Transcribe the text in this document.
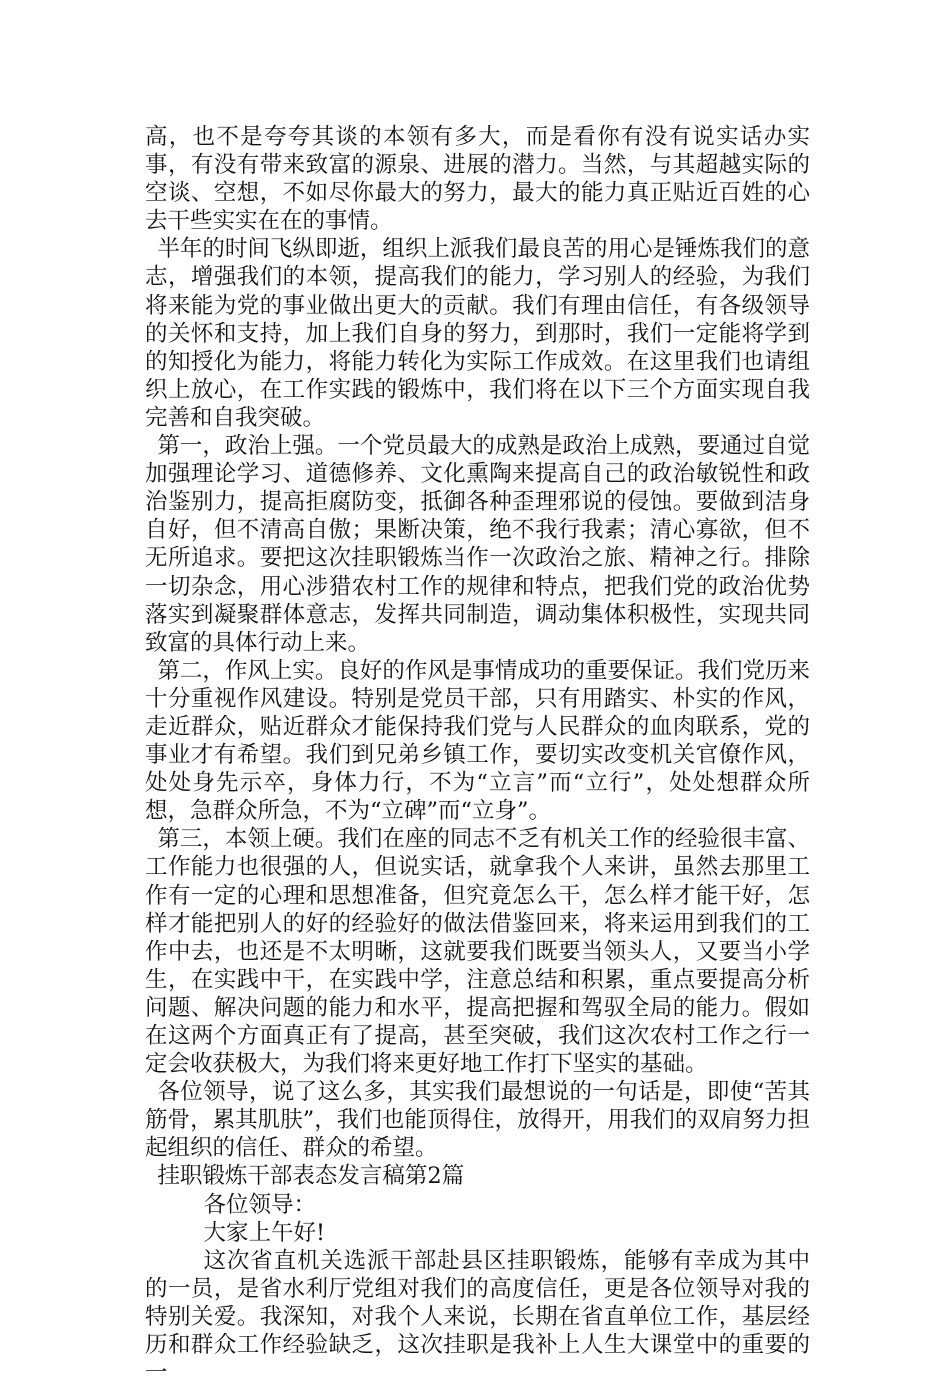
高，也不是夸夸其谈的本领有多大，而是看你有没有说实话办实事，有没有带来致富的源泉、进展的潜力。当然，与其超越实际的空谈、空想，不如尽你最大的努力，最大的能力真正贴近百姓的心去干些实实在在的事情。

半年的时间飞纵即逝，组织上派我们最良苦的用心是锤炼我们的意志，增强我们的本领，提高我们的能力，学习别人的经验，为我们将来能为党的事业做出更大的贡献。我们有理由信任，有各级领导的关怀和支持，加上我们自身的努力，到那时，我们一定能将学到的知授化为能力，将能力转化为实际工作成效。在这里我们也请组织上放心，在工作实践的锻炼中，我们将在以下三个方面实现自我完善和自我突破。

第一，政治上强。一个党员最大的成熟是政治上成熟，要通过自觉加强理论学习、道德修养、文化熏陶来提高自己的政治敏锐性和政治鉴别力，提高拒腐防变，抵御各种歪理邪说的侵蚀。要做到洁身自好，但不清高自傲；果断决策，绝不我行我素；清心寡欲，但不无所追求。要把这次挂职锻炼当作一次政治之旅、精神之行。排除一切杂念，用心涉猎农村工作的规律和特点，把我们党的政治优势落实到凝聚群体意志，发挥共同制造，调动集体积极性，实现共同致富的具体行动上来。

第二，作风上实。良好的作风是事情成功的重要保证。我们党历来十分重视作风建设。特别是党员干部，只有用踏实、朴实的作风，走近群众，贴近群众才能保持我们党与人民群众的血肉联系，党的事业才有希望。我们到兄弟乡镇工作，要切实改变机关官僚作风，处处身先示卒，身体力行，不为“立言”而“立行”，处处想群众所想，急群众所急，不为“立碑”而“立身”。

第三，本领上硬。我们在座的同志不乏有机关工作的经验很丰富、工作能力也很强的人，但说实话，就拿我个人来讲，虽然去那里工作有一定的心理和思想准备，但究竟怎么干，怎么样才能干好，怎样才能把别人的好的经验好的做法借鉴回来，将来运用到我们的工作中去，也还是不太明晰，这就要我们既要当领头人，又要当小学生，在实践中干，在实践中学，注意总结和积累，重点要提高分析问题、解决问题的能力和水平，提高把握和驾驭全局的能力。假如在这两个方面真正有了提高，甚至突破，我们这次农村工作之行一定会收获极大，为我们将来更好地工作打下坚实的基础。

各位领导，说了这么多，其实我们最想说的一句话是，即使“苦其筋骨，累其肌肤”，我们也能顶得住，放得开，用我们的双肩努力担起组织的信任、群众的希望。

挂职锻炼干部表态发言稿第2篇

各位领导：

大家上午好!

这次省直机关选派干部赴县区挂职锻炼，能够有幸成为其中的一员，是省水利厅党组对我们的高度信任，更是各位领导对我的特别关爱。我深知，对我个人来说，长期在省直单位工作，基层经历和群众工作经验缺乏，这次挂职是我补上人生大课堂中的重要的一
